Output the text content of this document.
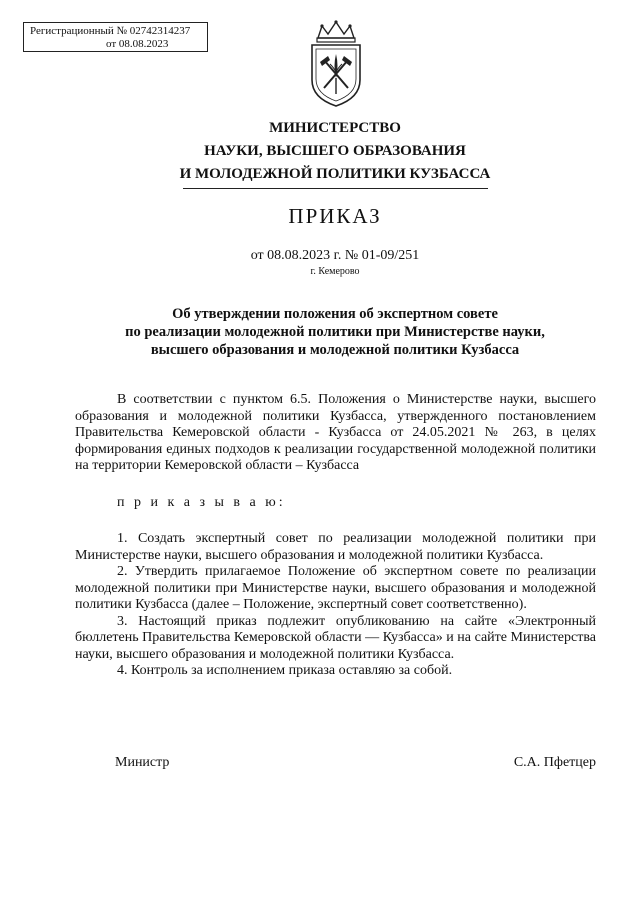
Регистрационный № 02742314237
от 08.08.2023
МИНИСТЕРСТВО
НАУКИ, ВЫСШЕГО ОБРАЗОВАНИЯ
И МОЛОДЕЖНОЙ ПОЛИТИКИ КУЗБАССА
ПРИКАЗ
от 08.08.2023 г. № 01-09/251
г. Кемерово
Об утверждении положения об экспертном совете
по реализации молодежной политики при Министерстве науки,
высшего образования и молодежной политики Кузбасса

В соответствии с пунктом 6.5. Положения о Министерстве науки, высшего образования и молодежной политики Кузбасса, утвержденного постановлением Правительства Кемеровской области - Кузбасса от 24.05.2021 № 263, в целях формирования единых подходов к реализации государственной молодежной политики на территории Кемеровской области – Кузбасса

п р и к а з ы в а ю:

1. Создать экспертный совет по реализации молодежной политики при Министерстве науки, высшего образования и молодежной политики Кузбасса.

2. Утвердить прилагаемое Положение об экспертном совете по реализации молодежной политики при Министерстве науки, высшего образования и молодежной политики Кузбасса (далее – Положение, экспертный совет соответственно).

3. Настоящий приказ подлежит опубликованию на сайте «Электронный бюллетень Правительства Кемеровской области — Кузбасса» и на сайте Министерства науки, высшего образования и молодежной политики Кузбасса.

4. Контроль за исполнением приказа оставляю за собой.

Министр	С.А. Пфетцер
